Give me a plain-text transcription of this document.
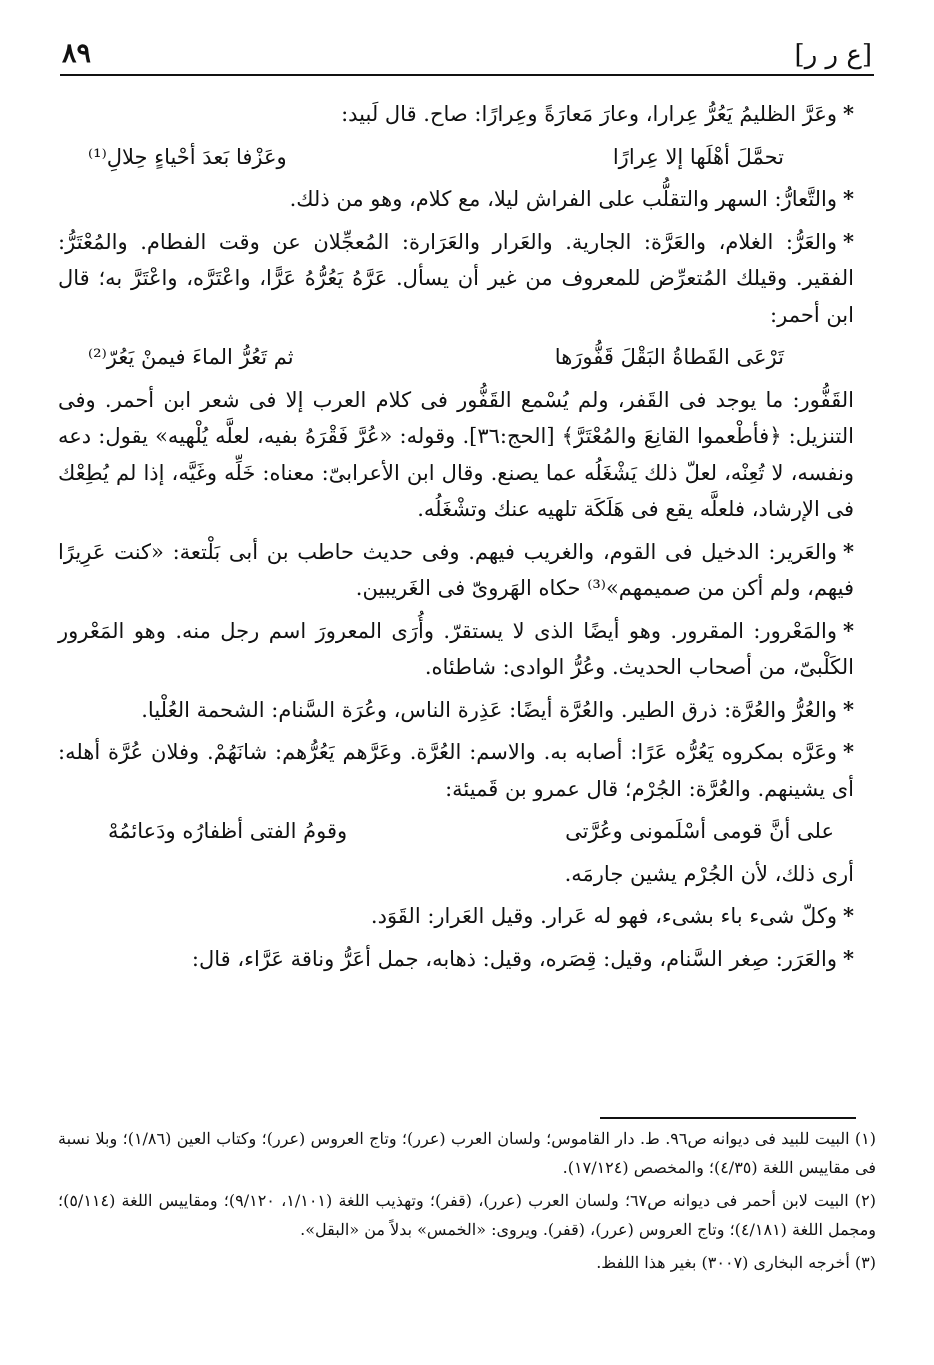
[ع ر ر]
٨٩

*وعَرَّ الظليمُ يَعُرُّ عِرارا، وعارَ مَعارَةً وعِرارًا: صاح. قال لَبيد:

تحمَّلَ أهْلَها إلا عِرارًا
وعَزْفا بَعدَ أحْياءٍ حِلالِ⁽¹⁾

*والتَّعارُّ: السهر والتقلُّب على الفراش ليلا، مع كلام، وهو من ذلك.

*والعَرُّ: الغلام، والعَرَّة: الجارية. والعَرار والعَرَارة: المُعجِّلان عن وقت الفطام. والمُعْتَرُّ: الفقير. وقيلك المُتعرِّض للمعروف من غير أن يسأل. عَرَّهُ يَعُرُّهُ عَرًّا، واعْتَرَّه، واعْتَرَّ به؛ قال ابن أحمر:

تَرْعَى القَطاةُ البَقْلَ قَفُّورَها
ثم تَعُرُّ الماءَ فيمنْ يَعُرّ⁽²⁾

القَفُّور: ما يوجد فى القَفر، ولم يُسْمع القَفُّور فى كلام العرب إلا فى شعر ابن أحمر. وفى التنزيل: ﴿فأطْعموا القانِعَ والمُعْتَرَّ﴾ [الحج:٣٦]. وقوله: «عُرَّ فَقْرَهُ بفيه، لعلَّه يُلْهيه» يقول: دعه ونفسه، لا تُعِنْه، لعلّ ذلك يَشْغَلُه عما يصنع. وقال ابن الأعرابىّ: معناه: خَلِّه وغَيَّه، إذا لم يُطِعْك فى الإرشاد، فلعلَّه يقع فى هَلَكَة تلهيه عنك وتشْغَلُه.

*والعَرير: الدخيل فى القوم، والغريب فيهم. وفى حديث حاطب بن أبى بَلْتعة: «كنت عَرِيرًا فيهم، ولم أكن من صميمهم»⁽³⁾ حكاه الهَروىّ فى الغَريبين.

*والمَعْرور: المقرور. وهو أيضًا الذى لا يستقرّ. وأُرَى المعرورَ اسم رجل منه. وهو المَعْرور الكَلْبىّ، من أصحاب الحديث. وعُرُّ الوادى: شاطئاه.

*والعُرُّ والعُرَّة: ذرق الطير. والعُرَّة أيضًا: عَذِرة الناس، وعُرَة السَّنام: الشحمة العُلْيا.

*وعَرَّه بمكروه يَعُرُّه عَرًا: أصابه به. والاسم: العُرَّة. وعَرَّهم يَعُرُّهم: شانَهُمْ. وفلان عُرَّة أهله: أى يشينهم. والعُرَّة: الجُرْم؛ قال عمرو بن قَميئة:

على أنَّ قومى أسْلَمونى وعُرَّتى
وقومُ الفتى أظفارُه ودَعائمُهْ

أرى ذلك، لأن الجُرْم يشين جارمَه.

*وكلّ شىء باء بشىء، فهو له عَرار. وقيل العَرار: القَوَد.

*والعَرَر: صِغر السَّنام، وقيل: قِصَره، وقيل: ذهابه، جمل أعَرُّ وناقة عَرَّاء، قال:

(١) البيت للبيد فى ديوانه ص٩٦. ط. دار القاموس؛ ولسان العرب (عرر)؛ وتاج العروس (عرر)؛ وكتاب العين (١/٨٦)؛ وبلا نسبة فى مقاييس اللغة (٤/٣٥)؛ والمخصص (١٧/١٢٤).

(٢) البيت لابن أحمر فى ديوانه ص٦٧؛ ولسان العرب (عرر)، (قفر)؛ وتهذيب اللغة (١/١٠١، ٩/١٢٠)؛ ومقاييس اللغة (٥/١١٤)؛ ومجمل اللغة (٤/١٨١)؛ وتاج العروس (عرر)، (قفر). ويروى: «الخمس» بدلاً من «البقل».

(٣) أخرجه البخارى (٣٠٠٧) بغير هذا اللفظ.
